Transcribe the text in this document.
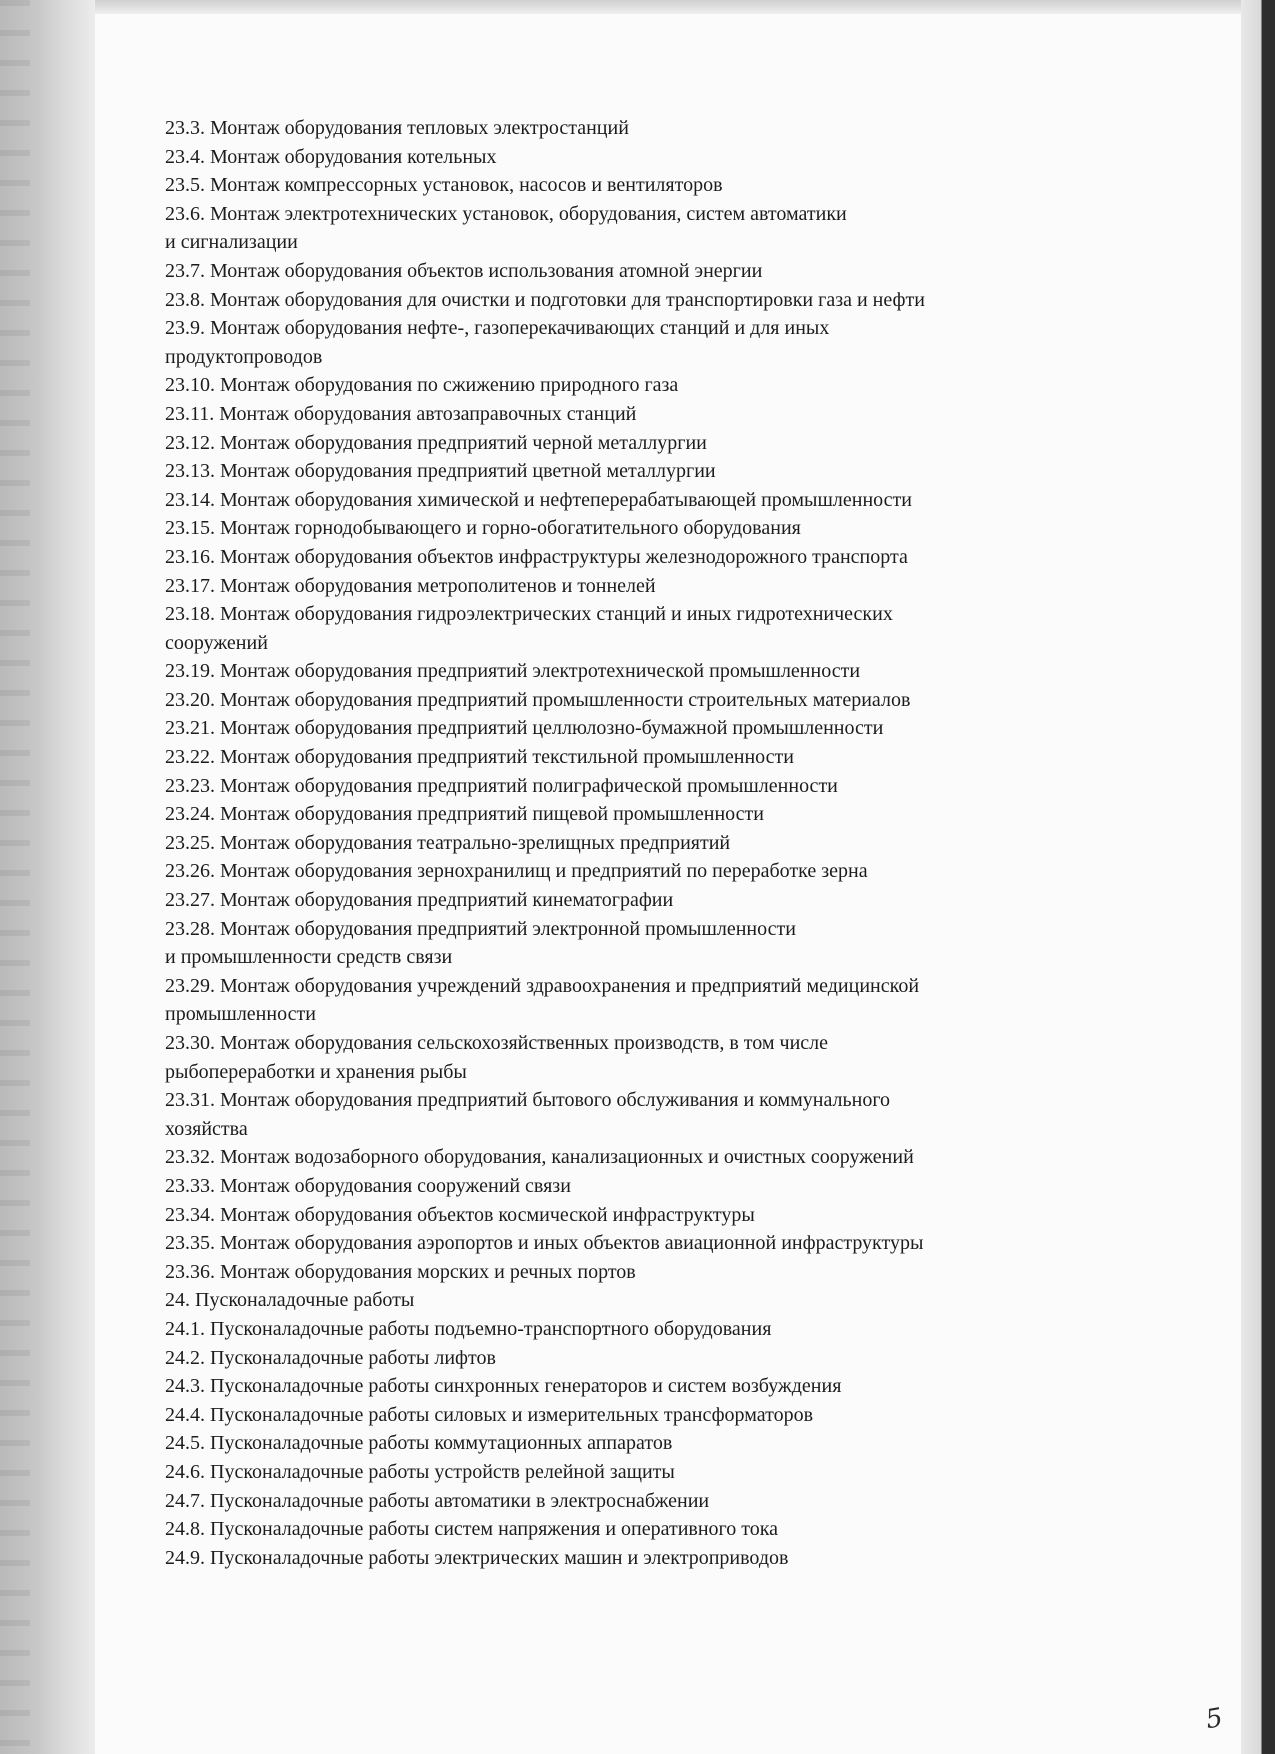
23.3. Монтаж оборудования тепловых электростанций
23.4. Монтаж оборудования котельных
23.5. Монтаж компрессорных установок, насосов и вентиляторов
23.6. Монтаж электротехнических установок, оборудования, систем автоматики
и сигнализации
23.7. Монтаж оборудования объектов использования атомной энергии
23.8. Монтаж оборудования для очистки и подготовки для транспортировки газа и нефти
23.9. Монтаж оборудования нефте-, газоперекачивающих станций и для иных
продуктопроводов
23.10. Монтаж оборудования по сжижению природного газа
23.11. Монтаж оборудования автозаправочных станций
23.12. Монтаж оборудования предприятий черной металлургии
23.13. Монтаж оборудования предприятий цветной металлургии
23.14. Монтаж оборудования химической и нефтеперерабатывающей промышленности
23.15. Монтаж горнодобывающего и горно-обогатительного оборудования
23.16. Монтаж оборудования объектов инфраструктуры железнодорожного транспорта
23.17. Монтаж оборудования метрополитенов и тоннелей
23.18. Монтаж оборудования гидроэлектрических станций и иных гидротехнических
сооружений
23.19. Монтаж оборудования предприятий электротехнической промышленности
23.20. Монтаж оборудования предприятий промышленности строительных материалов
23.21. Монтаж оборудования предприятий целлюлозно-бумажной промышленности
23.22. Монтаж оборудования предприятий текстильной промышленности
23.23. Монтаж оборудования предприятий полиграфической промышленности
23.24. Монтаж оборудования предприятий пищевой промышленности
23.25. Монтаж оборудования театрально-зрелищных предприятий
23.26. Монтаж оборудования зернохранилищ и предприятий по переработке зерна
23.27. Монтаж оборудования предприятий кинематографии
23.28. Монтаж оборудования предприятий электронной промышленности
и промышленности средств связи
23.29. Монтаж оборудования учреждений здравоохранения и предприятий медицинской
промышленности
23.30. Монтаж оборудования сельскохозяйственных производств, в том числе
рыбопереработки и хранения рыбы
23.31. Монтаж оборудования предприятий бытового обслуживания и коммунального
хозяйства
23.32. Монтаж водозаборного оборудования, канализационных и очистных сооружений
23.33. Монтаж оборудования сооружений связи
23.34. Монтаж оборудования объектов космической инфраструктуры
23.35. Монтаж оборудования аэропортов и иных объектов авиационной инфраструктуры
23.36. Монтаж оборудования морских и речных портов
24. Пусконаладочные работы
24.1. Пусконаладочные работы подъемно-транспортного оборудования
24.2. Пусконаладочные работы лифтов
24.3. Пусконаладочные работы синхронных генераторов и систем возбуждения
24.4. Пусконаладочные работы силовых и измерительных трансформаторов
24.5. Пусконаладочные работы коммутационных аппаратов
24.6. Пусконаладочные работы устройств релейной защиты
24.7. Пусконаладочные работы автоматики в электроснабжении
24.8. Пусконаладочные работы систем напряжения и оперативного тока
24.9. Пусконаладочные работы электрических машин и электроприводов
5
